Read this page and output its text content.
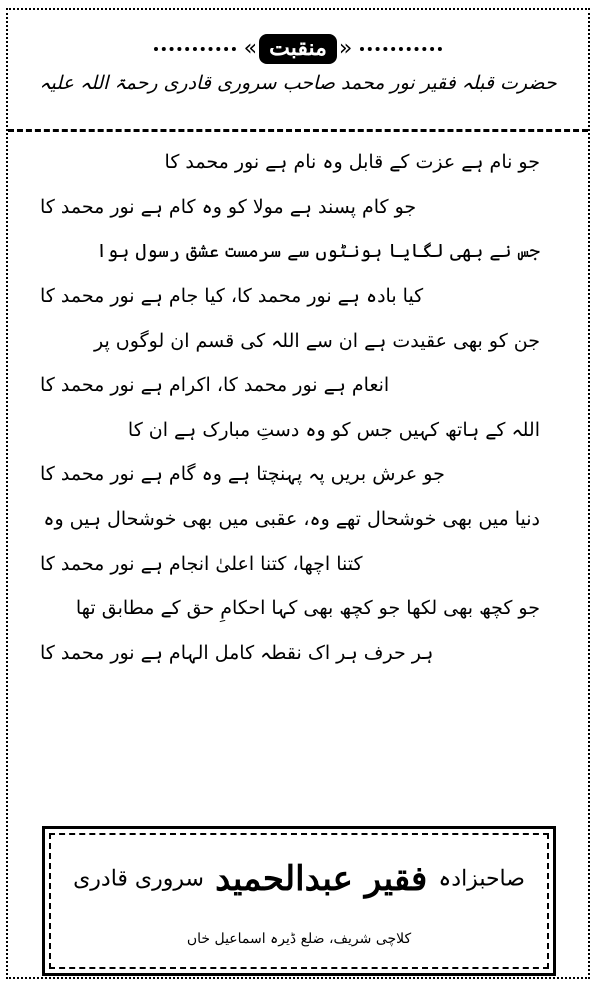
« منقبت »
حضرت قبلہ فقیر نور محمد صاحب سروری قادری رحمۃ اللہ علیہ
جو نام ہے عزت کے قابل وہ نام ہے نور محمد کا
جو کام پسند ہے مولا کو وہ کام ہے نور محمد کا
جس نے بھی لگایا ہونٹوں سے سرمست عشق رسول ہوا
کیا بادہ ہے نور محمد کا، کیا جام ہے نور محمد کا
جن کو بھی عقیدت ہے ان سے اللہ کی قسم ان لوگوں پر
انعام ہے نور محمد کا، اکرام ہے نور محمد کا
اللہ کے ہاتھ کہیں جس کو وہ دستِ مبارک ہے ان کا
جو عرش بریں پہ پہنچتا ہے وہ گام ہے نور محمد کا
دنیا میں بھی خوشحال تھے وہ، عقبی میں بھی خوشحال ہیں وہ
کتنا اچھا، کتنا اعلیٰ انجام ہے نور محمد کا
جو کچھ بھی لکھا جو کچھ بھی کہا احکامِ حق کے مطابق تھا
ہر حرف ہر اک نقطہ کامل الہام ہے نور محمد کا
صاحبزادہ فقیر عبدالحمید سروری قادری
کلاچی شریف، ضلع ڈیرہ اسماعیل خاں
